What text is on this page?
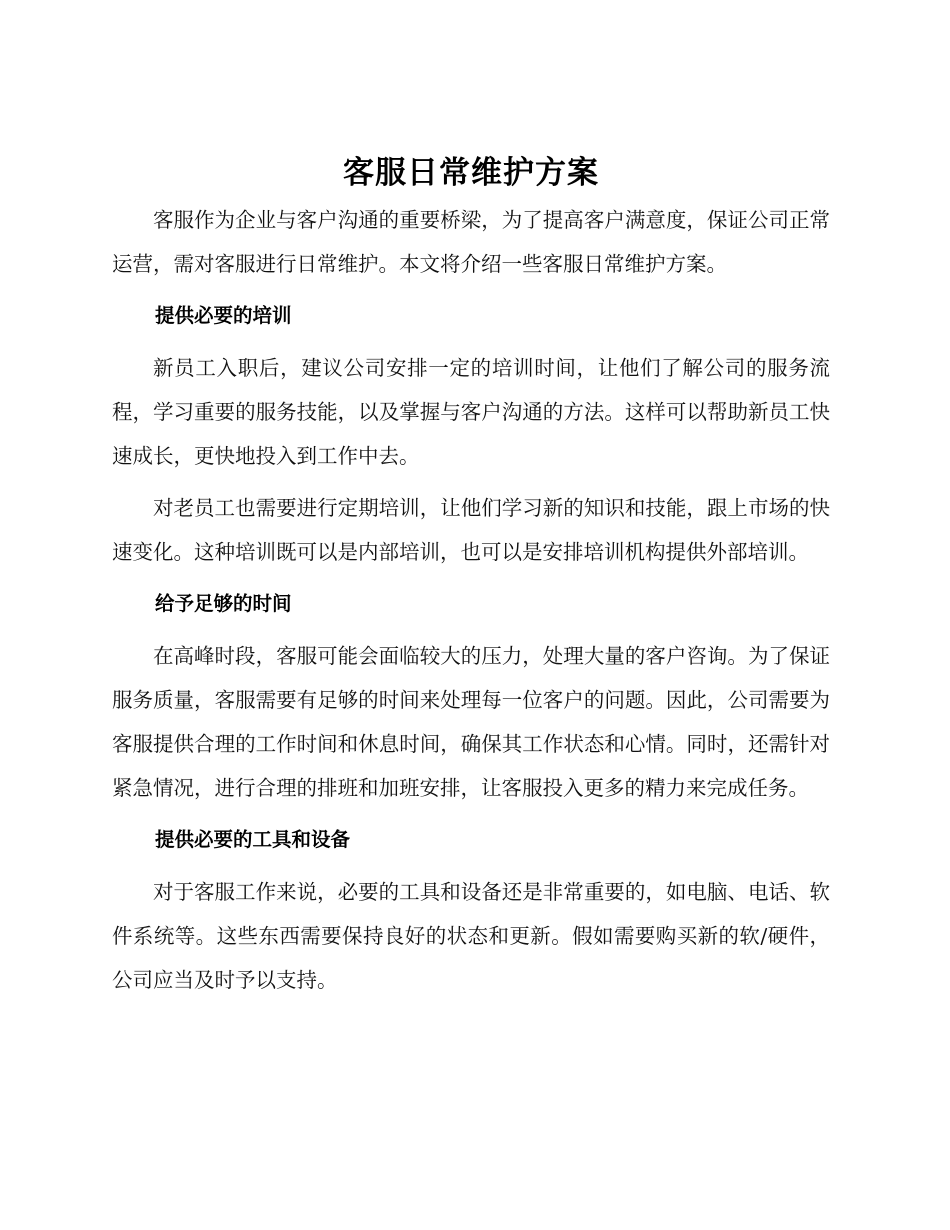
客服日常维护方案

客服作为企业与客户沟通的重要桥梁，为了提高客户满意度，保证公司正常运营，需对客服进行日常维护。本文将介绍一些客服日常维护方案。

提供必要的培训

新员工入职后，建议公司安排一定的培训时间，让他们了解公司的服务流程，学习重要的服务技能，以及掌握与客户沟通的方法。这样可以帮助新员工快速成长，更快地投入到工作中去。

对老员工也需要进行定期培训，让他们学习新的知识和技能，跟上市场的快速变化。这种培训既可以是内部培训，也可以是安排培训机构提供外部培训。

给予足够的时间

在高峰时段，客服可能会面临较大的压力，处理大量的客户咨询。为了保证服务质量，客服需要有足够的时间来处理每一位客户的问题。因此，公司需要为客服提供合理的工作时间和休息时间，确保其工作状态和心情。同时，还需针对紧急情况，进行合理的排班和加班安排，让客服投入更多的精力来完成任务。

提供必要的工具和设备

对于客服工作来说，必要的工具和设备还是非常重要的，如电脑、电话、软件系统等。这些东西需要保持良好的状态和更新。假如需要购买新的软/硬件，公司应当及时予以支持。
